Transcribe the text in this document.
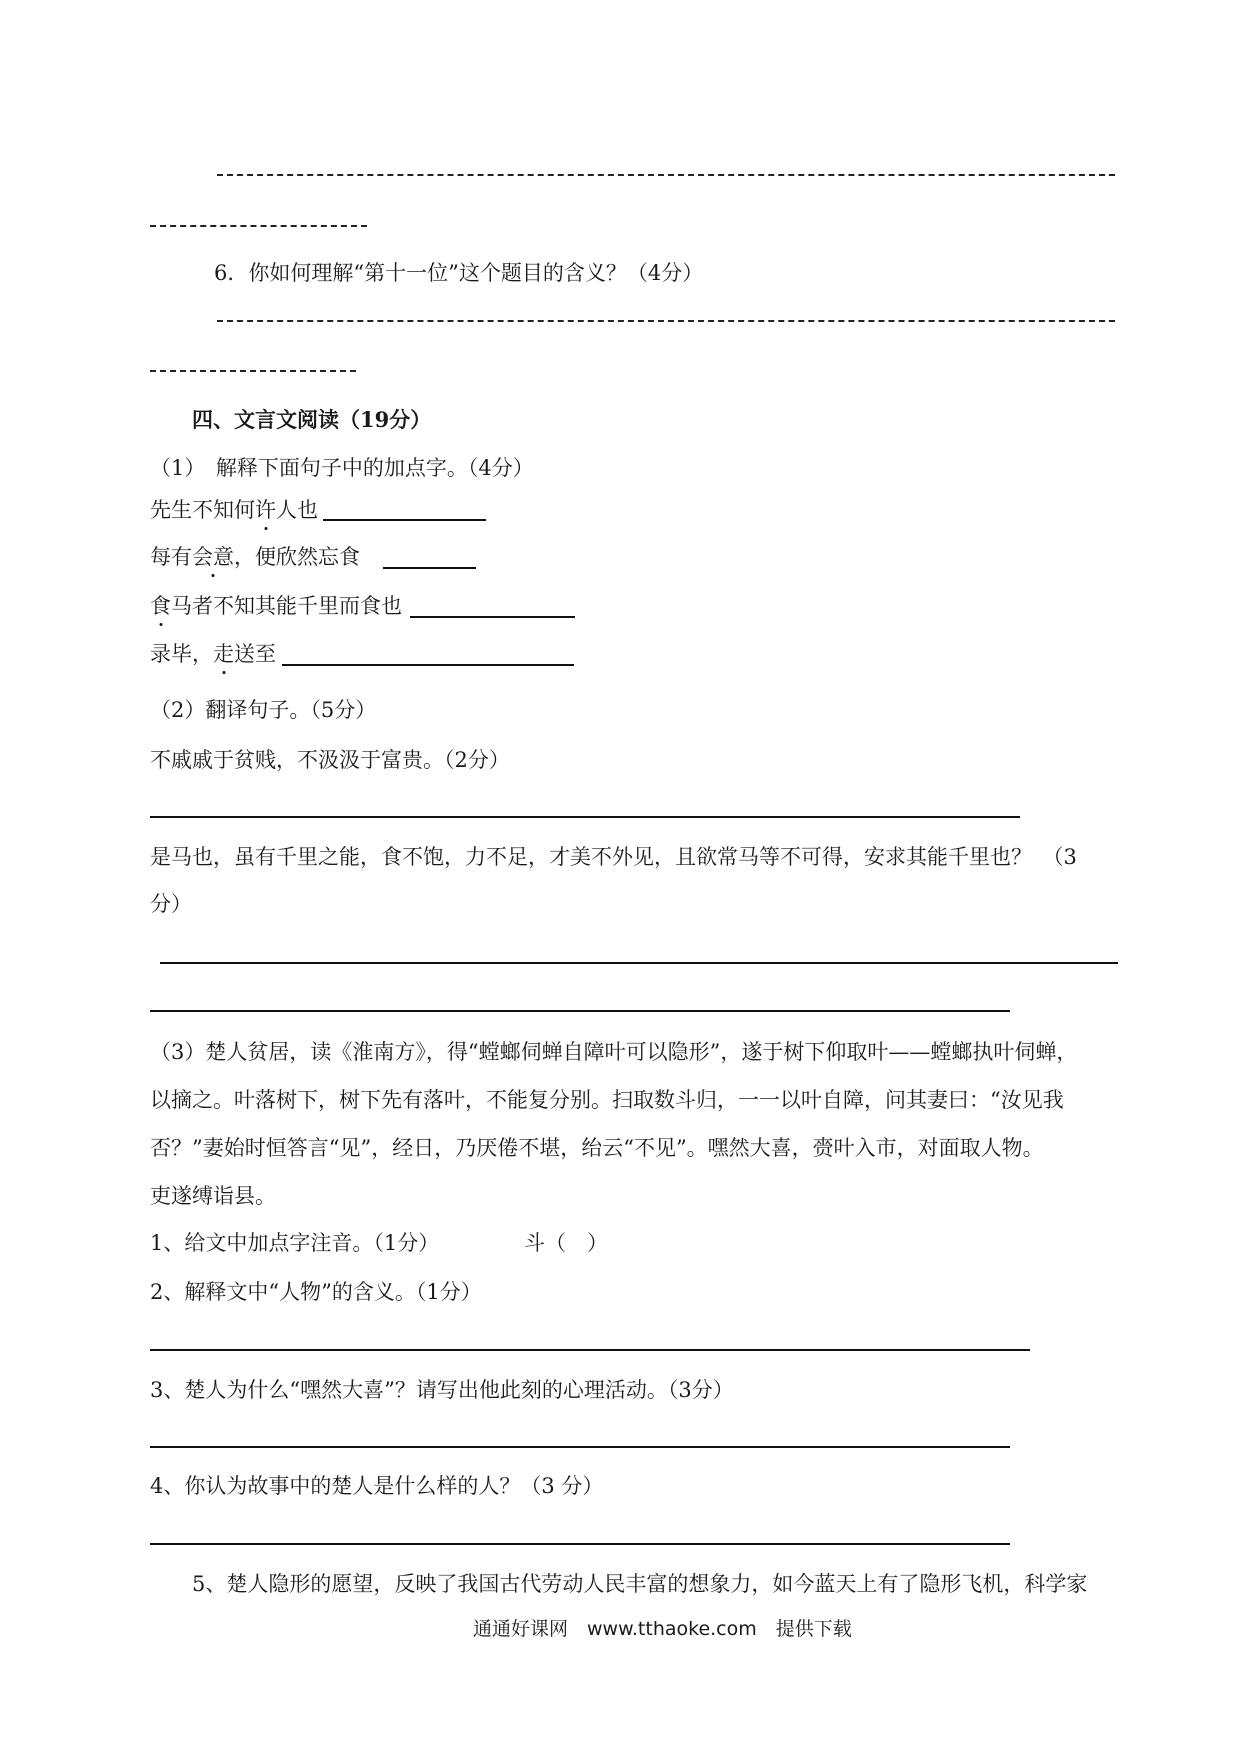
6．你如何理解“第十一位”这个题目的含义？（4分）
四、文言文阅读（19分）
（1）　解释下面句子中的加点字。（4分）
先生不知何许人也
每有会意，便欣然忘食
食马者不知其能千里而食也
录毕，走送至
（2）翻译句子。（5分）
不戚戚于贫贱，不汲汲于富贵。（2分）
是马也，虽有千里之能，食不饱，力不足，才美不外见，且欲常马等不可得，安求其能千里也？　（3
分）
（3）楚人贫居，读《淮南方》，得“螳螂伺蝉自障叶可以隐形”，遂于树下仰取叶——螳螂执叶伺蝉，
以摘之。叶落树下，树下先有落叶，不能复分别。扫取数斗归，一一以叶自障，问其妻曰：“汝见我
否？”妻始时恒答言“见”，经日，乃厌倦不堪，绐云“不见”。嘿然大喜，赍叶入市，对面取人物。
吏遂缚诣县。
1、给文中加点字注音。（1分）	斗（　）
2、解释文中“人物”的含义。（1分）
3、楚人为什么“嘿然大喜”？请写出他此刻的心理活动。（3分）
4、你认为故事中的楚人是什么样的人？（3 分）
5、楚人隐形的愿望，反映了我国古代劳动人民丰富的想象力，如今蓝天上有了隐形飞机，科学家
通通好课网　www.tthaoke.com　提供下载
